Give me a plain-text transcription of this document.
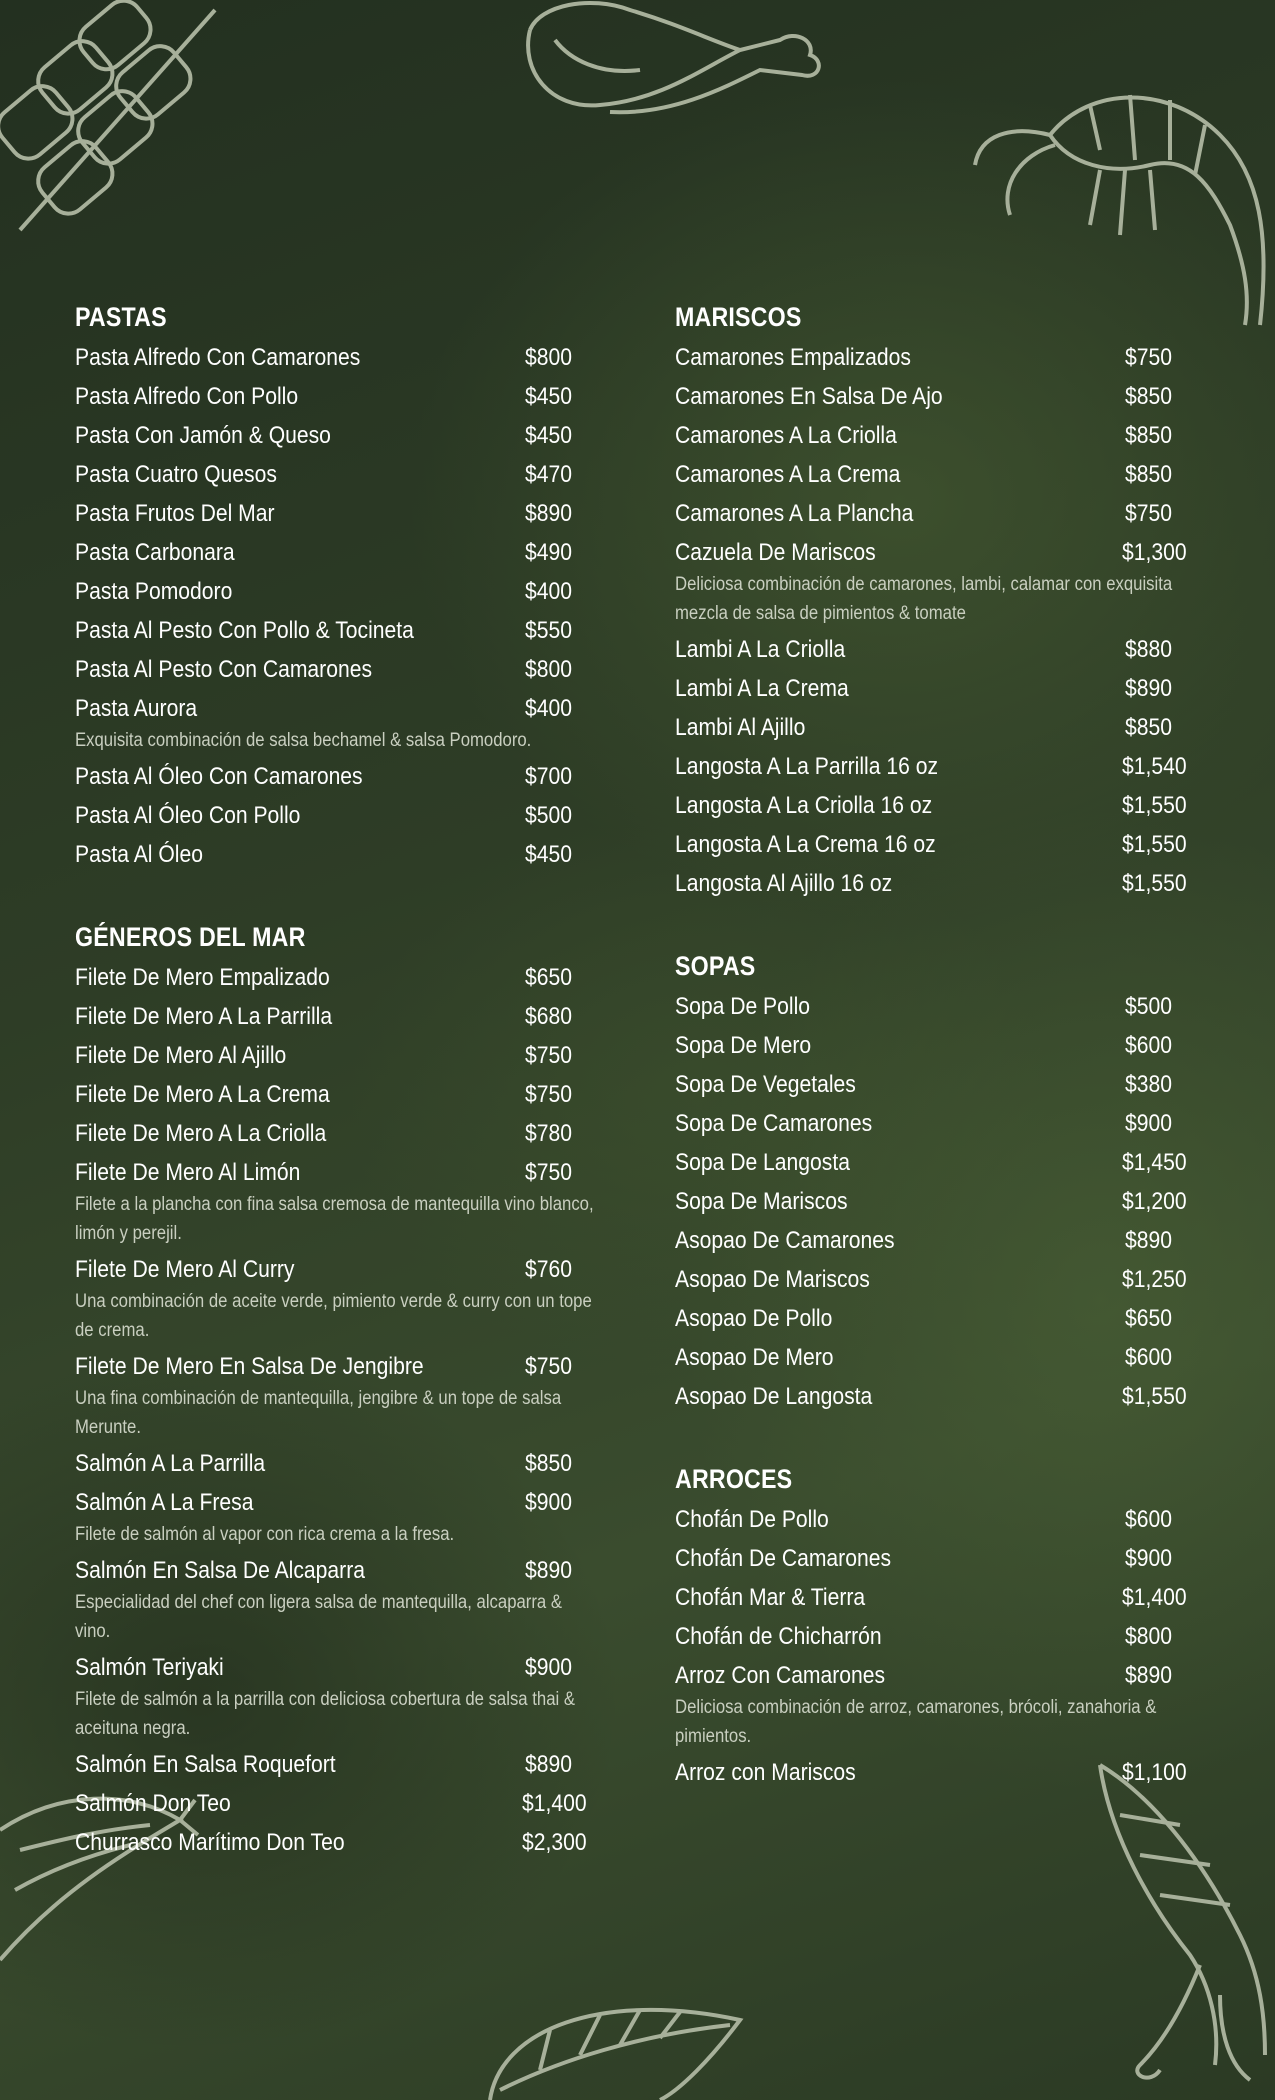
PASTAS
Pasta Alfredo Con Camarones	$800
Pasta Alfredo Con Pollo	$450
Pasta Con Jamón & Queso	$450
Pasta Cuatro Quesos	$470
Pasta Frutos Del Mar	$890
Pasta Carbonara	$490
Pasta Pomodoro	$400
Pasta Al Pesto Con Pollo & Tocineta	$550
Pasta Al Pesto Con Camarones	$800
Pasta Aurora	$400
Exquisita combinación de salsa bechamel & salsa Pomodoro.
Pasta Al Óleo Con Camarones	$700
Pasta Al Óleo Con Pollo	$500
Pasta Al Óleo	$450
GÉNEROS DEL MAR
Filete De Mero Empalizado	$650
Filete De Mero A La Parrilla	$680
Filete De Mero Al Ajillo	$750
Filete De Mero A La Crema	$750
Filete De Mero A La Criolla	$780
Filete De Mero Al Limón	$750
Filete a la plancha con fina salsa cremosa de mantequilla vino blanco, limón y perejil.
Filete De Mero Al Curry	$760
Una combinación de aceite verde, pimiento verde & curry con un tope de crema.
Filete De Mero En Salsa De Jengibre	$750
Una fina combinación de mantequilla, jengibre & un tope de salsa Merunte.
Salmón A La Parrilla	$850
Salmón A La Fresa	$900
Filete de salmón al vapor con rica crema a la fresa.
Salmón En Salsa De Alcaparra	$890
Especialidad del chef con ligera salsa de mantequilla, alcaparra & vino.
Salmón Teriyaki	$900
Filete de salmón a la parrilla con deliciosa cobertura de salsa thai & aceituna negra.
Salmón En Salsa Roquefort	$890
Salmón Don Teo	$1,400
Churrasco Marítimo Don Teo	$2,300
MARISCOS
Camarones Empalizados	$750
Camarones En Salsa De Ajo	$850
Camarones A La Criolla	$850
Camarones A La Crema	$850
Camarones A La Plancha	$750
Cazuela De Mariscos	$1,300
Deliciosa combinación de camarones, lambi, calamar con exquisita mezcla de salsa de pimientos & tomate
Lambi A La Criolla	$880
Lambi A La Crema	$890
Lambi Al Ajillo	$850
Langosta A La Parrilla 16 oz	$1,540
Langosta A La Criolla 16 oz	$1,550
Langosta A La Crema 16 oz	$1,550
Langosta Al Ajillo 16 oz	$1,550
SOPAS
Sopa De Pollo	$500
Sopa De Mero	$600
Sopa De Vegetales	$380
Sopa De Camarones	$900
Sopa De Langosta	$1,450
Sopa De Mariscos	$1,200
Asopao De Camarones	$890
Asopao De Mariscos	$1,250
Asopao De Pollo	$650
Asopao De Mero	$600
Asopao De Langosta	$1,550
ARROCES
Chofán De Pollo	$600
Chofán De Camarones	$900
Chofán Mar & Tierra	$1,400
Chofán de Chicharrón	$800
Arroz Con Camarones	$890
Deliciosa combinación de arroz, camarones, brócoli, zanahoria & pimientos.
Arroz con Mariscos	$1,100
